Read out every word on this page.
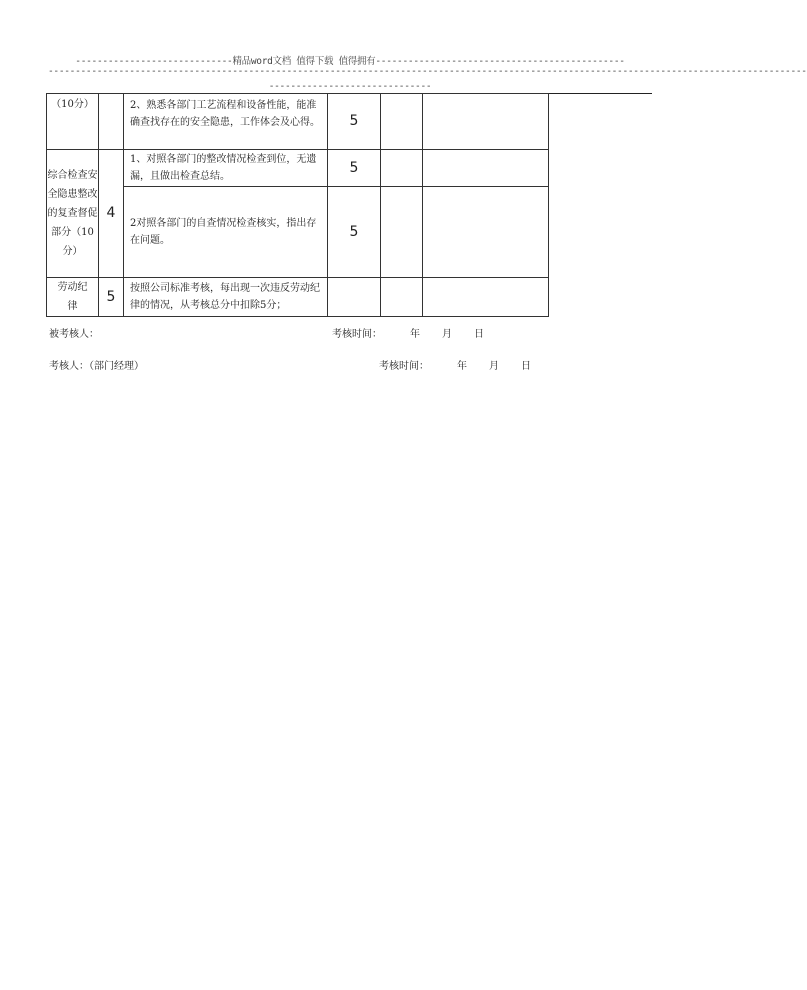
-----------------------------精品word文档 值得下载 值得拥有----------------------------------------------
--------------------------------------------------------------------------------------------------------------------------------------------
------------------------------
（10分）		2、熟悉各部门工艺流程和设备性能，能准确查找存在的安全隐患，工作体会及心得。	5		
综合检查安全隐患整改的复查督促部分（10分）	4	1、对照各部门的整改情况检查到位，无遗漏，且做出检查总结。	5		
		2对照各部门的自查情况检查核实，指出存在问题。	5		
劳动纪律	5	按照公司标准考核，每出现一次违反劳动纪律的情况，从考核总分中扣除5分；			
被考核人：	考核时间：	年 月 日
考核人：（部门经理）	考核时间：	年 月 日
